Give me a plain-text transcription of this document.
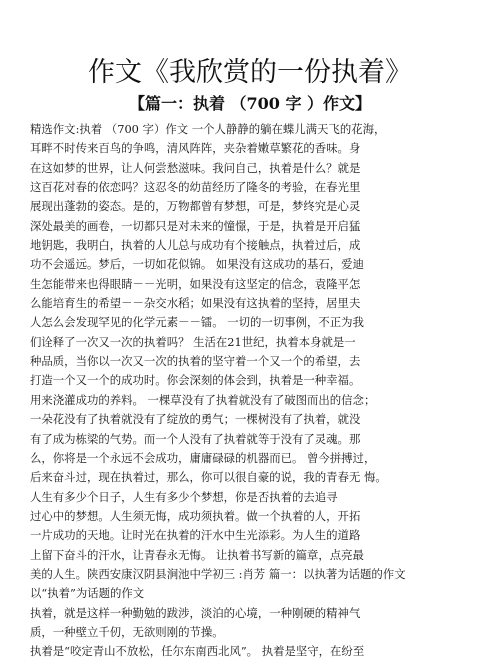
作文《我欣赏的一份执着》
【篇一：执着 （700 字 ）作文】
精选作文:执着 （700 字）作文 一个人静静的躺在蝶儿满天飞的花海，
耳畔不时传来百鸟的争鸣，清风阵阵，夹杂着嫩草繁花的香味。身
在这如梦的世界，让人何尝愁滋味。我问自己，执着是什么？就是
这百花对春的依恋吗？这忍冬的幼苗经历了隆冬的考验，在春光里
展现出蓬勃的姿态。是的，万物都曾有梦想，可是，梦终究是心灵
深处最美的画卷，一切都只是对未来的憧憬，于是，执着是开启猛
地钥匙，我明白，执着的人儿总与成功有个接触点，执着过后，成
功不会遥远。梦后，一切如花似锦。 如果没有这成功的基石，爱迪
生怎能带来也得眼睛－－光明，如果没有这坚定的信念，袁隆平怎
么能培育生的希望－－杂交水稻；如果没有这执着的坚持，居里夫
人怎么会发现罕见的化学元素－－镭。 一切的一切事例，不正为我
们诠释了一次又一次的执着吗？ 生活在21世纪，执着本身就是一
种品质，当你以一次又一次的执着的坚守着一个又一个的希望，去
打造一个又一个的成功时。你会深刻的体会到，执着是一种幸福。
用来浇灌成功的养料。 一棵草没有了执着就没有了破图而出的信念；
一朵花没有了执着就没有了绽放的勇气；一棵树没有了执着，就没
有了成为栋梁的气势。而一个人没有了执着就等于没有了灵魂。那
么，你将是一个永远不会成功，庸庸碌碌的机器而已。 曾今拼搏过，
后来奋斗过，现在执着过，那么，你可以很自豪的说，我的青春无 悔。
人生有多少个日子，人生有多少个梦想，你是否执着的去追寻
过心中的梦想。人生须无悔，成功须执着。做一个执着的人，开拓
一片成功的天地。让时光在执着的汗水中生光添彩。为人生的道路
上留下奋斗的汗水，让青春永无悔。 让执着书写新的篇章，点亮最
美的人生。陕西安康汉阴县涧池中学初三 :肖芳 篇一：以执著为话题的作文
以“执着”为话题的作文
执着，就是这样一种勤勉的跋涉，淡泊的心境，一种刚硬的精神气
质，一种壁立千仞，无欲则刚的节操。
执着是“咬定青山不放松，任尔东南西北风”。 执着是坚守，在纷至
